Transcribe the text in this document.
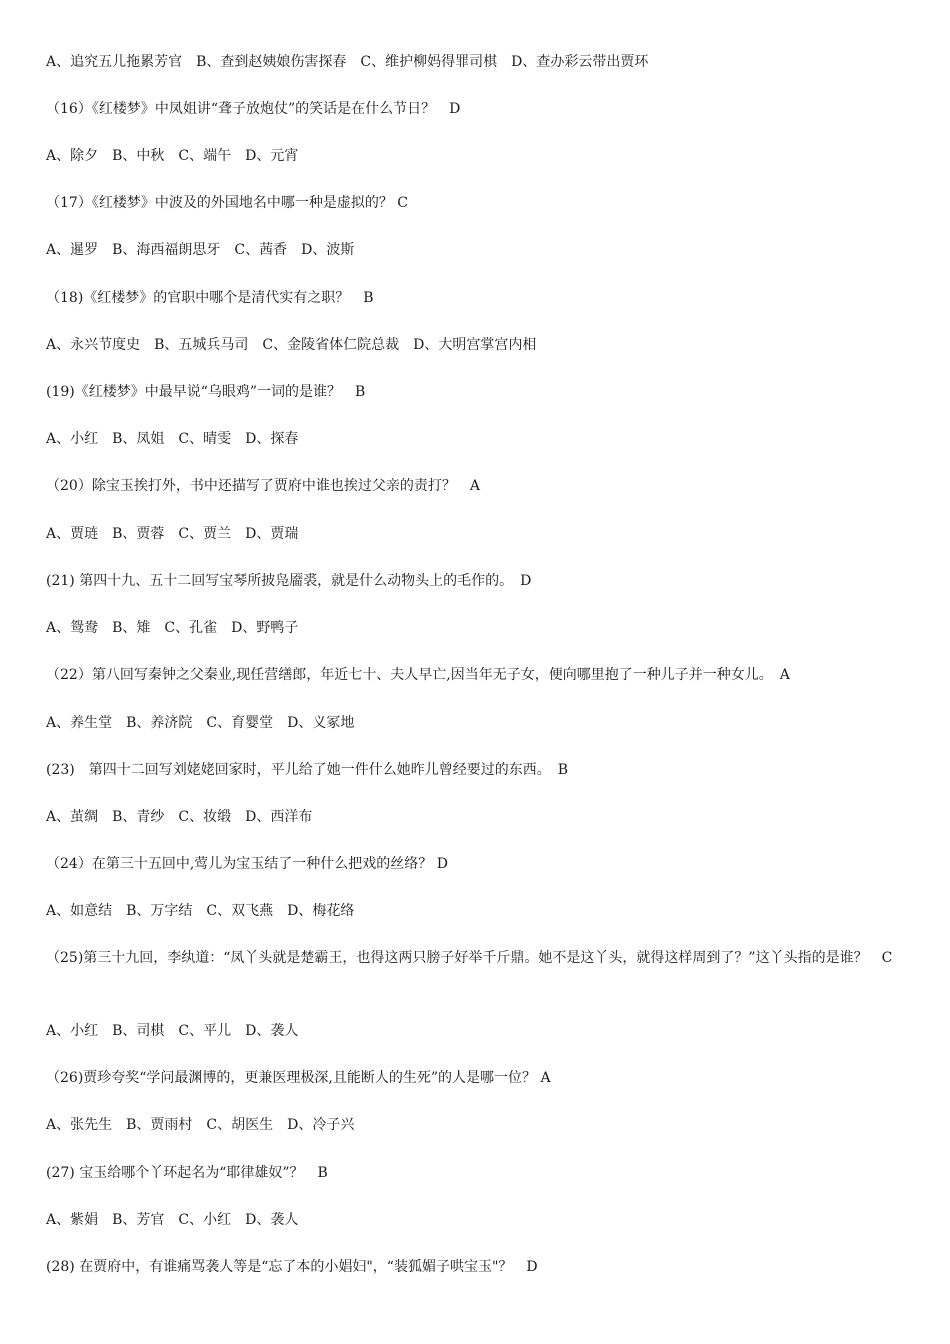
A、追究五儿拖累芳官　B、查到赵姨娘伤害探春　C、维护柳妈得罪司棋　D、查办彩云带出贾环
（16）《红楼梦》中凤姐讲“聋子放炮仗”的笑话是在什么节日？　D
A、除夕　B、中秋　C、端午　D、元宵
（17）《红楼梦》中波及的外国地名中哪一种是虚拟的？ C
A、暹罗　B、海西福朗思牙　C、茜香　D、波斯
（18)《红楼梦》的官职中哪个是清代实有之职？　B
A、永兴节度史　B、五城兵马司　C、金陵省体仁院总裁　D、大明宫掌宫内相
(19)《红楼梦》中最早说“乌眼鸡”一词的是谁？　B
A、小红　B、凤姐　C、晴雯　D、探春
（20）除宝玉挨打外，书中还描写了贾府中谁也挨过父亲的责打？　A
A、贾琏　B、贾蓉　C、贾兰　D、贾瑞
(21) 第四十九、五十二回写宝琴所披凫靥裘，就是什么动物头上的毛作的。　D
A、鸳鸯　B、雉　C、孔雀　D、野鸭子
（22）第八回写秦钟之父秦业,现任营缮郎，年近七十、夫人早亡,因当年无子女，便向哪里抱了一种儿子并一种女儿。　A
A、养生堂　B、养济院　C、育婴堂　D、义冢地
(23)　第四十二回写刘姥姥回家时，平儿给了她一件什么她昨儿曾经要过的东西。　B
A、茧绸　B、青纱　C、妆缎　D、西洋布
（24）在第三十五回中,莺儿为宝玉结了一种什么把戏的丝络？ D
A、如意结　B、万字结　C、双飞燕　D、梅花络
（25)第三十九回，李纨道：“凤丫头就是楚霸王，也得这两只膀子好举千斤鼎。她不是这丫头，就得这样周到了？”这丫头指的是谁？　C
A、小红　B、司棋　C、平儿　D、袭人
（26)贾珍夸奖“学问最渊博的，更兼医理极深,且能断人的生死”的人是哪一位？ A
A、张先生　B、贾雨村　C、胡医生　D、冷子兴
(27) 宝玉给哪个丫环起名为“耶律雄奴”？　B
A、紫娟　B、芳官　C、小红　D、袭人
(28) 在贾府中，有谁痛骂袭人等是“忘了本的小娼妇"，“装狐媚子哄宝玉"？　D
